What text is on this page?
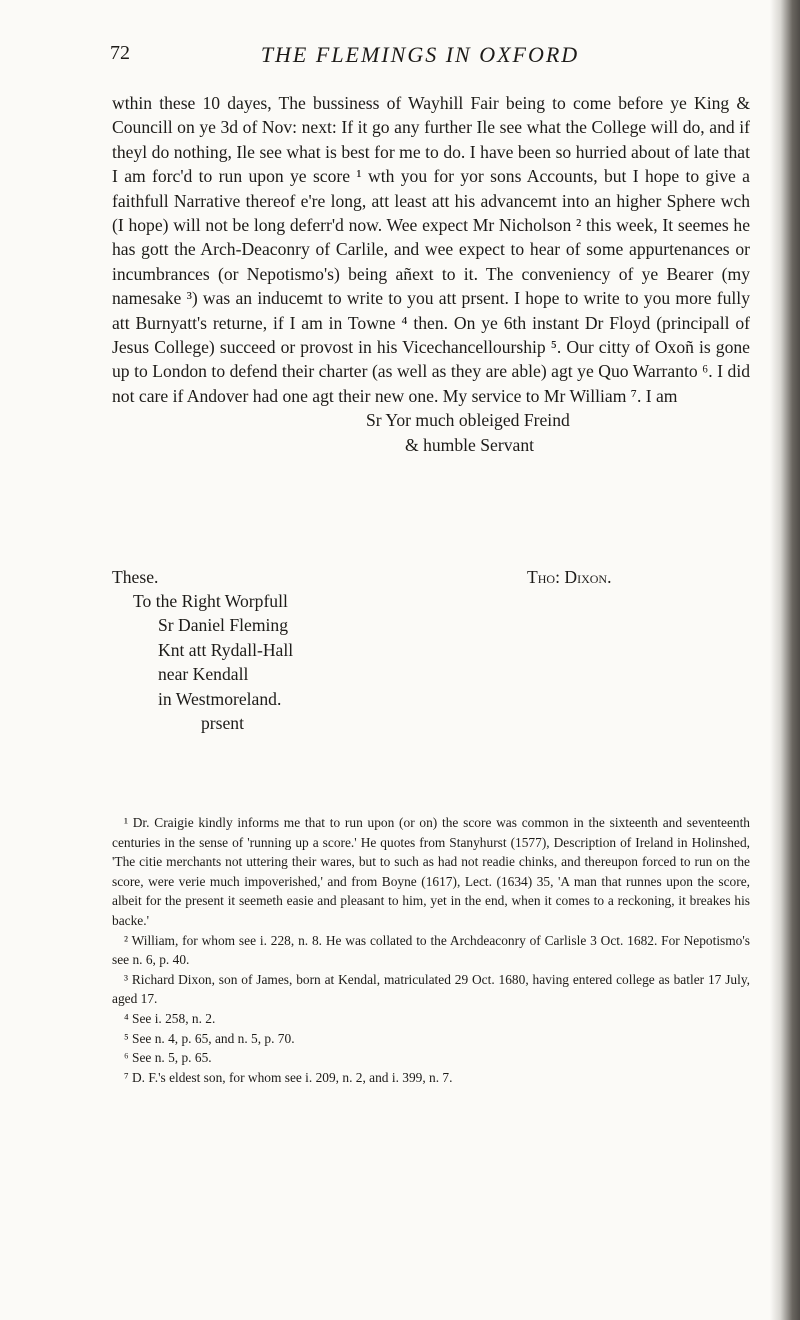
72	THE FLEMINGS IN OXFORD

wthin these 10 dayes, The bussiness of Wayhill Fair being to come before ye King & Councill on ye 3d of Nov: next: If it go any further Ile see what the College will do, and if theyl do nothing, Ile see what is best for me to do. I have been so hurried about of late that I am forc'd to run upon ye score ¹ wth you for yor sons Accounts, but I hope to give a faithfull Narrative thereof e're long, att least att his advancemt into an higher Sphere wch (I hope) will not be long deferr'd now. Wee expect Mr Nicholson ² this week, It seemes he has gott the Arch-Deaconry of Carlile, and wee expect to hear of some appurtenances or incumbrances (or Nepotismo's) being añext to it. The conveniency of ye Bearer (my namesake ³) was an inducemt to write to you att prsent. I hope to write to you more fully att Burnyatt's returne, if I am in Towne ⁴ then. On ye 6th instant Dr Floyd (principall of Jesus College) succeed or provost in his Vicechancellourship ⁵. Our citty of Oxoñ is gone up to London to defend their charter (as well as they are able) agt ye Quo Warranto ⁶. I did not care if Andover had one agt their new one. My service to Mr William ⁷. I am

Sr Yor much obleiged Freind
& humble Servant
These.	Tho: Dixon.
To the Right Worpfull
Sr Daniel Fleming
Knt att Rydall-Hall
near Kendall
in Westmoreland.
prsent

¹ Dr. Craigie kindly informs me that to run upon (or on) the score was common in the sixteenth and seventeenth centuries in the sense of 'running up a score.' He quotes from Stanyhurst (1577), Description of Ireland in Holinshed, 'The citie merchants not uttering their wares, but to such as had not readie chinks, and thereupon forced to run on the score, were verie much impoverished,' and from Boyne (1617), Lect. (1634) 35, 'A man that runnes upon the score, albeit for the present it seemeth easie and pleasant to him, yet in the end, when it comes to a reckoning, it breakes his backe.'

² William, for whom see i. 228, n. 8. He was collated to the Archdeaconry of Carlisle 3 Oct. 1682. For Nepotismo's see n. 6, p. 40.

³ Richard Dixon, son of James, born at Kendal, matriculated 29 Oct. 1680, having entered college as batler 17 July, aged 17.

⁴ See i. 258, n. 2.

⁵ See n. 4, p. 65, and n. 5, p. 70.

⁶ See n. 5, p. 65.

⁷ D. F.'s eldest son, for whom see i. 209, n. 2, and i. 399, n. 7.
